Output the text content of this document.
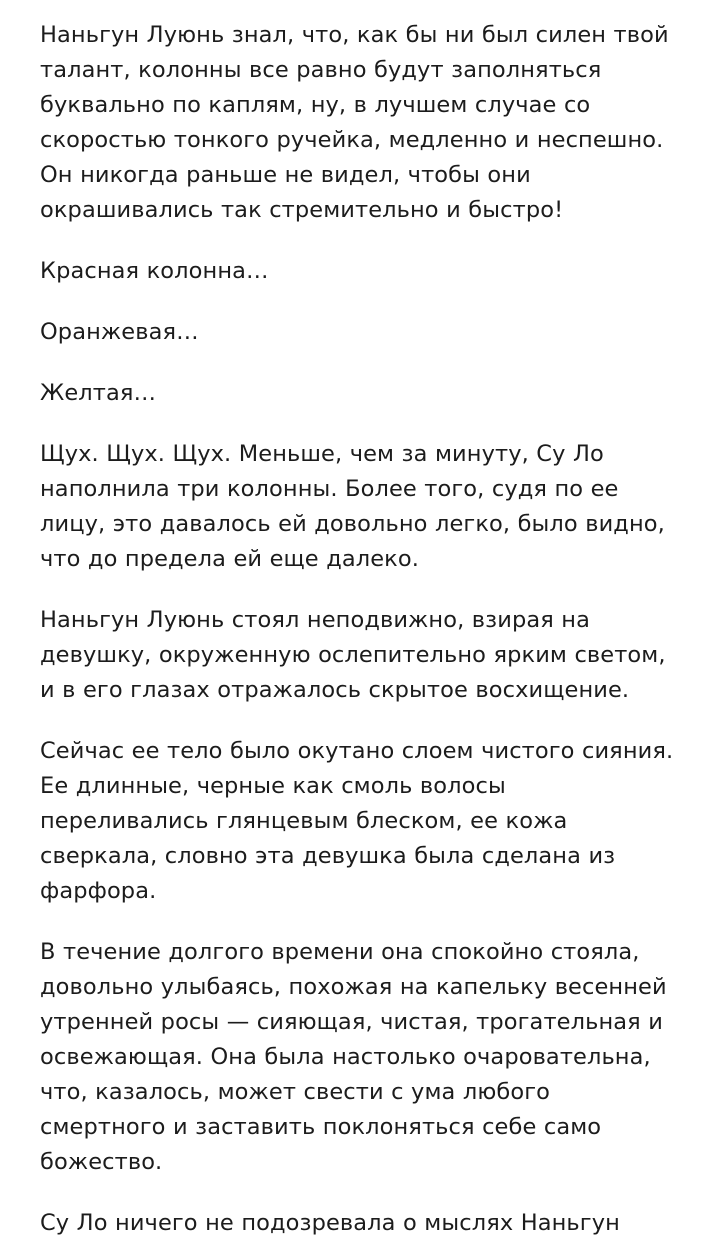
Наньгун Луюнь знал, что, как бы ни был силен твой талант, колонны все равно будут заполняться буквально по каплям, ну, в лучшем случае со скоростью тонкого ручейка, медленно и неспешно. Он никогда раньше не видел, чтобы они окрашивались так стремительно и быстро!

Красная колонна…

Оранжевая…

Желтая…

Щух. Щух. Щух. Меньше, чем за минуту, Су Ло наполнила три колонны. Более того, судя по ее лицу, это давалось ей довольно легко, было видно, что до предела ей еще далеко.

Наньгун Луюнь стоял неподвижно, взирая на девушку, окруженную ослепительно ярким светом, и в его глазах отражалось скрытое восхищение.

Сейчас ее тело было окутано слоем чистого сияния. Ее длинные, черные как смоль волосы переливались глянцевым блеском, ее кожа сверкала, словно эта девушка была сделана из фарфора.

В течение долгого времени она спокойно стояла, довольно улыбаясь, похожая на капельку весенней утренней росы — сияющая, чистая, трогательная и освежающая. Она была настолько очаровательна, что, казалось, может свести с ума любого смертного и заставить поклоняться себе само божество.

Су Ло ничего не подозревала о мыслях Наньгун
